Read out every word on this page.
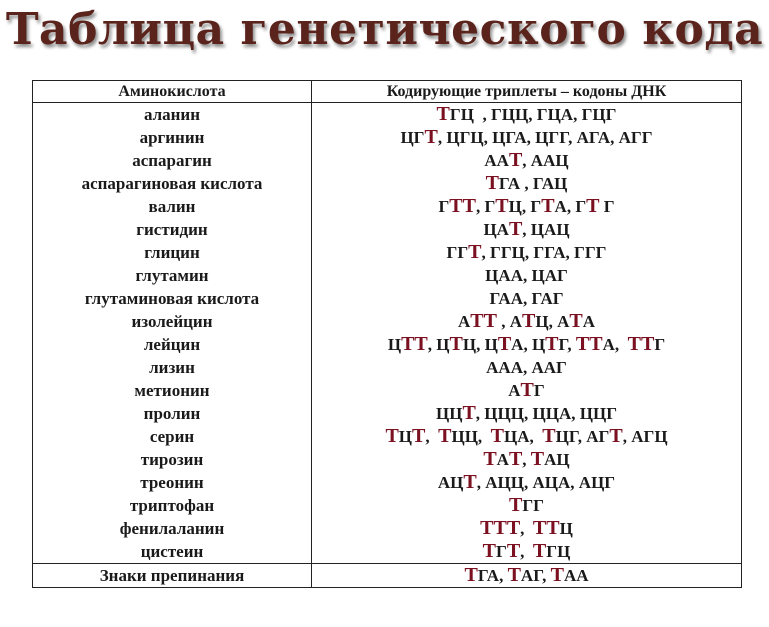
Таблица генетического кода
Аминокислота	Кодирующие триплеты – кодоны ДНК
аланин	ТГЦ , ГЦЦ, ГЦА, ГЦГ
аргинин	ЦГТ, ЦГЦ, ЦГА, ЦГГ, АГА, АГГ
аспарагин	ААТ, ААЦ
аспарагиновая кислота	ТГА , ГАЦ
валин	ГТТ, ГТЦ, ГТА, ГТ Г
гистидин	ЦАТ, ЦАЦ
глицин	ГГТ, ГГЦ, ГГА, ГГГ
глутамин	ЦАА, ЦАГ
глутаминовая кислота	ГАА, ГАГ
изолейцин	АТТ , АТЦ, АТА
лейцин	ЦТТ, ЦТЦ, ЦТА, ЦТГ, ТТА, ТТГ
лизин	ААА, ААГ
метионин	АТГ
пролин	ЦЦТ, ЦЦЦ, ЦЦА, ЦЦГ
серин	ТЦТ, ТЦЦ, ТЦА, ТЦГ, АГТ, АГЦ
тирозин	ТАТ, ТАЦ
треонин	АЦТ, АЦЦ, АЦА, АЦГ
триптофан	ТГГ
фенилаланин	ТТТ, ТТЦ
цистеин	ТГТ, ТГЦ
Знаки препинания	ТГА, ТАГ, ТАА
